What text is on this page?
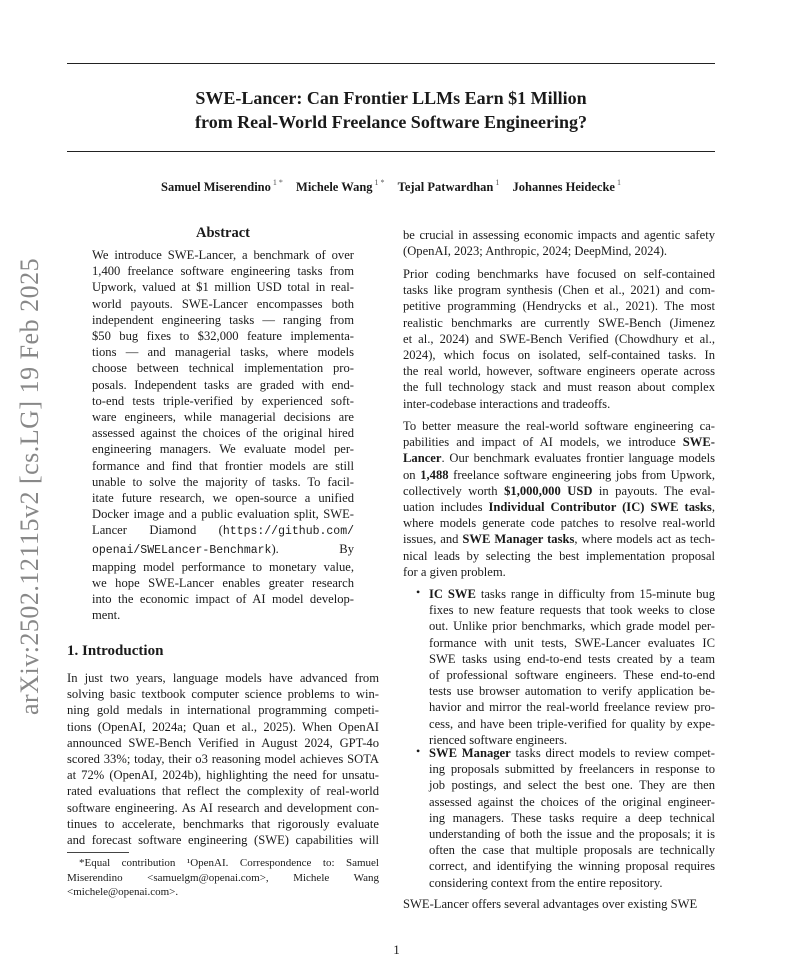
SWE-Lancer: Can Frontier LLMs Earn $1 Million
from Real-World Freelance Software Engineering?
Samuel Miserendino $^{1 *}$ Michele Wang $^{1 *}$ Tejal Patwardhan $^1$ Johannes Heidecke $^1$
arXiv:2502.12115v2 [cs.LG] 19 Feb 2025
Abstract
We introduce SWE-Lancer, a benchmark of over
1,400 freelance software engineering tasks from
Upwork, valued at $1 million USD total in real-
world payouts. SWE-Lancer encompasses both
independent engineering tasks — ranging from
$50 bug fixes to $32,000 feature implementa-
tions — and managerial tasks, where models
choose between technical implementation pro-
posals. Independent tasks are graded with end-
to-end tests triple-verified by experienced soft-
ware engineers, while managerial decisions are
assessed against the choices of the original hired
engineering managers. We evaluate model per-
formance and find that frontier models are still
unable to solve the majority of tasks. To facil-
itate future research, we open-source a unified
Docker image and a public evaluation split, SWE-
Lancer Diamond (https://github.com/
openai/SWELancer-Benchmark). By
mapping model performance to monetary value,
we hope SWE-Lancer enables greater research
into the economic impact of AI model develop-
ment.
1. Introduction
In just two years, language models have advanced from
solving basic textbook computer science problems to win-
ning gold medals in international programming competi-
tions (OpenAI, 2024a; Quan et al., 2025). When OpenAI
announced SWE-Bench Verified in August 2024, GPT-4o
scored 33%; today, their o3 reasoning model achieves SOTA
at 72% (OpenAI, 2024b), highlighting the need for unsatu-
rated evaluations that reflect the complexity of real-world
software engineering. As AI research and development con-
tinues to accelerate, benchmarks that rigorously evaluate
and forecast software engineering (SWE) capabilities will
*Equal contribution ¹OpenAI. Correspondence to: Samuel
Miserendino <samuelgm@openai.com>, Michele Wang
<michele@openai.com>.
be crucial in assessing economic impacts and agentic safety
(OpenAI, 2023; Anthropic, 2024; DeepMind, 2024).
Prior coding benchmarks have focused on self-contained
tasks like program synthesis (Chen et al., 2021) and com-
petitive programming (Hendrycks et al., 2021). The most
realistic benchmarks are currently SWE-Bench (Jimenez
et al., 2024) and SWE-Bench Verified (Chowdhury et al.,
2024), which focus on isolated, self-contained tasks. In
the real world, however, software engineers operate across
the full technology stack and must reason about complex
inter-codebase interactions and tradeoffs.
To better measure the real-world software engineering ca-
pabilities and impact of AI models, we introduce SWE-
Lancer. Our benchmark evaluates frontier language models
on 1,488 freelance software engineering jobs from Upwork,
collectively worth $1,000,000 USD in payouts. The eval-
uation includes Individual Contributor (IC) SWE tasks,
where models generate code patches to resolve real-world
issues, and SWE Manager tasks, where models act as tech-
nical leads by selecting the best implementation proposal
for a given problem.
• IC SWE tasks range in difficulty from 15-minute bug
fixes to new feature requests that took weeks to close
out. Unlike prior benchmarks, which grade model per-
formance with unit tests, SWE-Lancer evaluates IC
SWE tasks using end-to-end tests created by a team
of professional software engineers. These end-to-end
tests use browser automation to verify application be-
havior and mirror the real-world freelance review pro-
cess, and have been triple-verified for quality by expe-
rienced software engineers.
• SWE Manager tasks direct models to review compet-
ing proposals submitted by freelancers in response to
job postings, and select the best one. They are then
assessed against the choices of the original engineer-
ing managers. These tasks require a deep technical
understanding of both the issue and the proposals; it is
often the case that multiple proposals are technically
correct, and identifying the winning proposal requires
considering context from the entire repository.
SWE-Lancer offers several advantages over existing SWE
1
